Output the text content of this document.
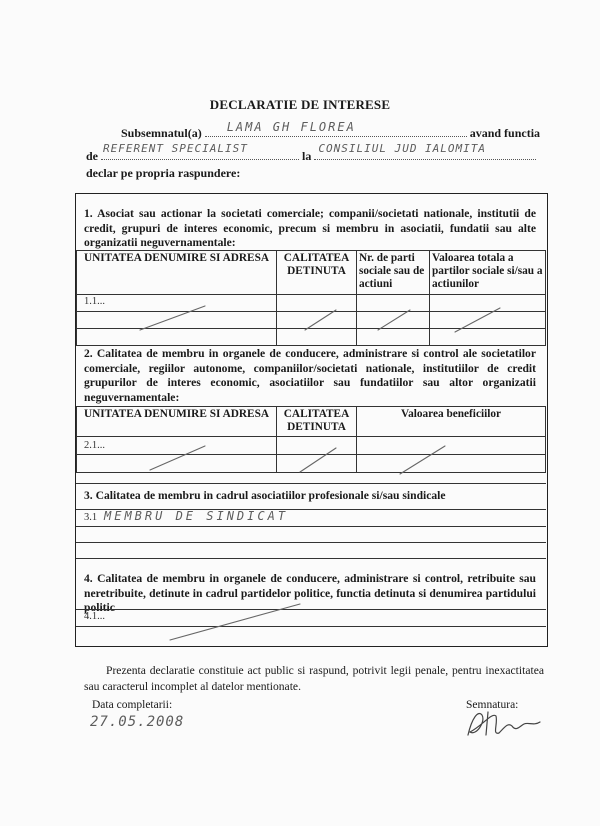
DECLARATIE DE INTERESE
Subsemnatul(a) LAMA GH FLOREA	avand functia
de
REFERENT SPECIALIST
la
CONSILIUL JUD IALOMITA
declar pe propria raspundere:
1. Asociat sau actionar la societati comerciale; companii/societati nationale, institutii de credit, grupuri de interes economic, precum si membru in asociatii, fundatii sau alte organizatii neguvernamentale:
UNITATEA DENUMIRE SI ADRESA	CALITATEA DETINUTA	Nr. de parti sociale sau de actiuni	Valoarea totala a partilor sociale si/sau a actiunilor

1.1...
2. Calitatea de membru in organele de conducere, administrare si control ale societatilor comerciale, regiilor autonome, companiilor/societati nationale, institutiilor de credit grupurilor de interes economic, asociatiilor sau fundatiilor sau altor organizatii neguvernamentale:
UNITATEA DENUMIRE SI ADRESA	CALITATEA DETINUTA	Valoarea beneficiilor

2.1...
3. Calitatea de membru in cadrul asociatiilor profesionale si/sau sindicale
3.1 MEMBRU DE SINDICAT
4. Calitatea de membru in organele de conducere, administrare si control, retribuite sau neretribuite, detinute in cadrul partidelor politice, functia detinuta si denumirea partidului politic
4.1...
Prezenta declaratie constituie act public si raspund, potrivit legii penale, pentru inexactitatea sau caracterul incomplet al datelor mentionate.
Data completarii:
27.05.2008
Semnatura:
